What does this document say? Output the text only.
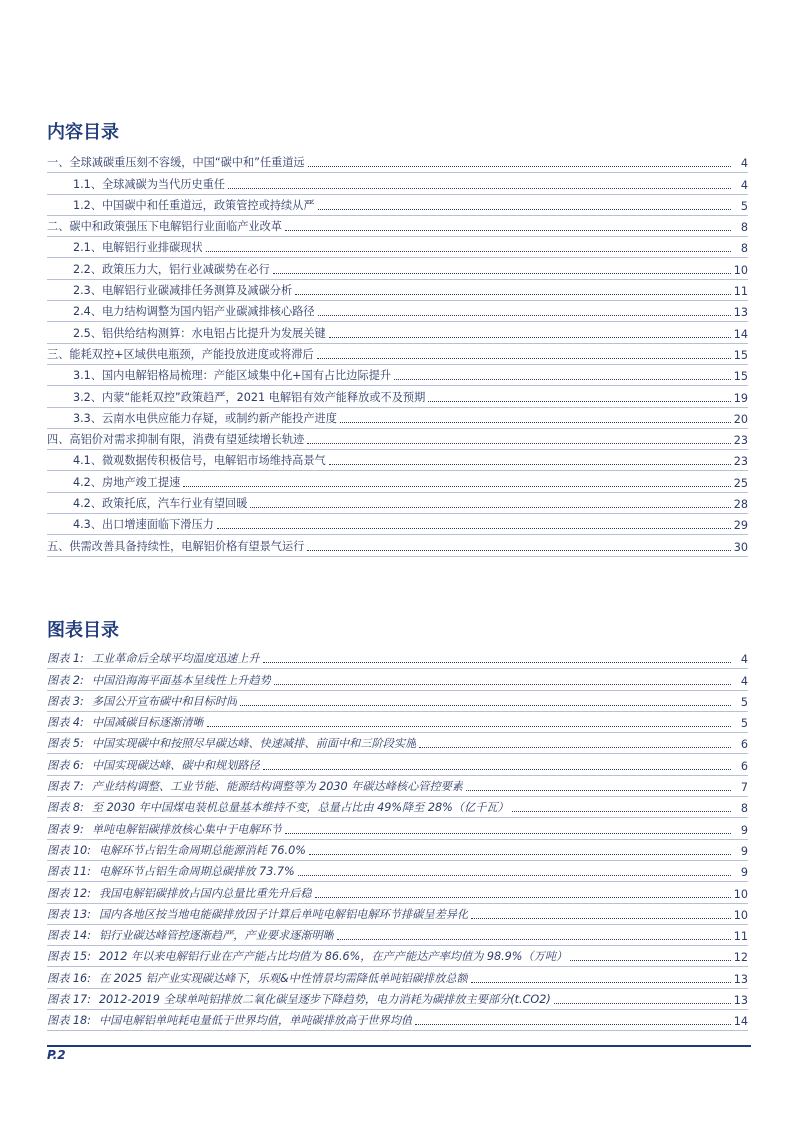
内容目录
一、全球减碳重压刻不容缓，中国“碳中和”任重道远	4
1.1、全球减碳为当代历史重任	4
1.2、中国碳中和任重道远，政策管控或持续从严	5
二、碳中和政策强压下电解铝行业面临产业改革	8
2.1、电解铝行业排碳现状	8
2.2、政策压力大，铝行业减碳势在必行	10
2.3、电解铝行业碳减排任务测算及减碳分析	11
2.4、电力结构调整为国内铝产业碳减排核心路径	13
2.5、铝供给结构测算：水电铝占比提升为发展关键	14
三、能耗双控+区域供电瓶颈，产能投放进度或将滞后	15
3.1、国内电解铝格局梳理：产能区域集中化+国有占比边际提升	15
3.2、内蒙“能耗双控”政策趋严，2021 电解铝有效产能释放或不及预期	19
3.3、云南水电供应能力存疑，或制约新产能投产进度	20
四、高铝价对需求抑制有限，消费有望延续增长轨迹	23
4.1、微观数据传积极信号，电解铝市场维持高景气	23
4.2、房地产竣工提速	25
4.2、政策托底，汽车行业有望回暖	28
4.3、出口增速面临下滑压力	29
五、供需改善具备持续性，电解铝价格有望景气运行	30
图表目录
图表 1: 工业革命后全球平均温度迅速上升	4
图表 2: 中国沿海海平面基本呈线性上升趋势	4
图表 3: 多国公开宣布碳中和目标时间	5
图表 4: 中国减碳目标逐渐清晰	5
图表 5: 中国实现碳中和按照尽早碳达峰、快速减排、前面中和三阶段实施	6
图表 6: 中国实现碳达峰、碳中和规划路径	6
图表 7: 产业结构调整、工业节能、能源结构调整等为 2030 年碳达峰核心管控要素	7
图表 8: 至 2030 年中国煤电装机总量基本维持不变，总量占比由 49%降至 28%（亿千瓦）	8
图表 9: 单吨电解铝碳排放核心集中于电解环节	9
图表 10: 电解环节占铝生命周期总能源消耗 76.0%	9
图表 11: 电解环节占铝生命周期总碳排放 73.7%	9
图表 12: 我国电解铝碳排放占国内总量比重先升后稳	10
图表 13: 国内各地区按当地电能碳排放因子计算后单吨电解铝电解环节排碳呈差异化	10
图表 14: 铝行业碳达峰管控逐渐趋严，产业要求逐渐明晰	11
图表 15: 2012 年以来电解铝行业在产产能占比均值为 86.6%，在产产能达产率均值为 98.9%（万吨）	12
图表 16: 在 2025 铝产业实现碳达峰下，乐观&中性情景均需降低单吨铝碳排放总额	13
图表 17: 2012-2019 全球单吨铝排放二氧化碳呈逐步下降趋势，电力消耗为碳排放主要部分(t.CO2)	13
图表 18: 中国电解铝单吨耗电量低于世界均值，单吨碳排放高于世界均值	14
P.2
